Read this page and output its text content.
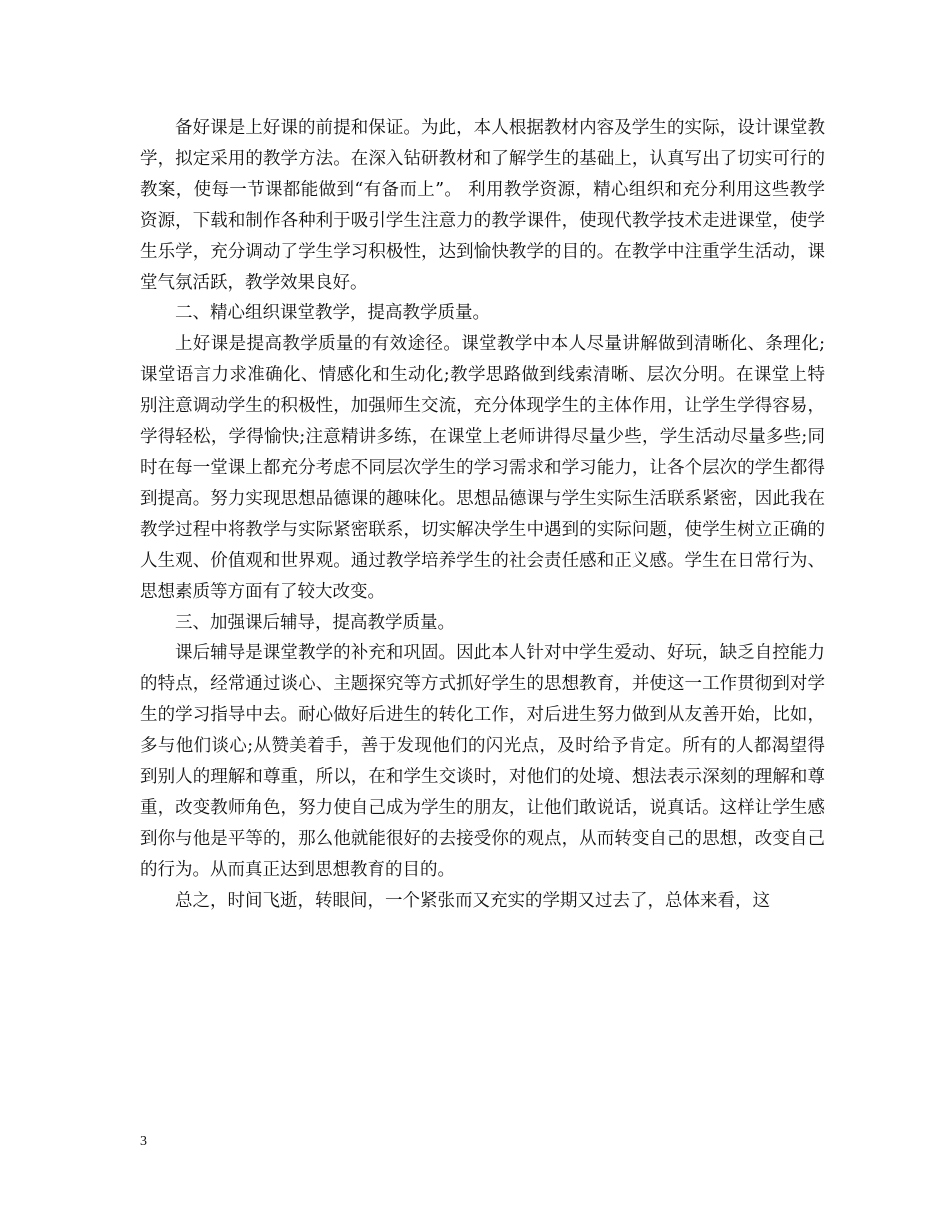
备好课是上好课的前提和保证。为此，本人根据教材内容及学生的实际，设计课堂教学，拟定采用的教学方法。在深入钻研教材和了解学生的基础上，认真写出了切实可行的教案，使每一节课都能做到“有备而上”。 利用教学资源，精心组织和充分利用这些教学资源，下载和制作各种利于吸引学生注意力的教学课件，使现代教学技术走进课堂，使学生乐学，充分调动了学生学习积极性，达到愉快教学的目的。在教学中注重学生活动，课堂气氛活跃，教学效果良好。

二、精心组织课堂教学，提高教学质量。

上好课是提高教学质量的有效途径。课堂教学中本人尽量讲解做到清晰化、条理化;课堂语言力求准确化、情感化和生动化;教学思路做到线索清晰、层次分明。在课堂上特别注意调动学生的积极性，加强师生交流，充分体现学生的主体作用，让学生学得容易，学得轻松，学得愉快;注意精讲多练，在课堂上老师讲得尽量少些，学生活动尽量多些;同时在每一堂课上都充分考虑不同层次学生的学习需求和学习能力，让各个层次的学生都得到提高。努力实现思想品德课的趣味化。思想品德课与学生实际生活联系紧密，因此我在教学过程中将教学与实际紧密联系，切实解决学生中遇到的实际问题，使学生树立正确的人生观、价值观和世界观。通过教学培养学生的社会责任感和正义感。学生在日常行为、思想素质等方面有了较大改变。

三、加强课后辅导，提高教学质量。

课后辅导是课堂教学的补充和巩固。因此本人针对中学生爱动、好玩，缺乏自控能力的特点，经常通过谈心、主题探究等方式抓好学生的思想教育，并使这一工作贯彻到对学生的学习指导中去。耐心做好后进生的转化工作，对后进生努力做到从友善开始，比如，多与他们谈心;从赞美着手，善于发现他们的闪光点，及时给予肯定。所有的人都渴望得到别人的理解和尊重，所以，在和学生交谈时，对他们的处境、想法表示深刻的理解和尊重，改变教师角色，努力使自己成为学生的朋友，让他们敢说话，说真话。这样让学生感到你与他是平等的，那么他就能很好的去接受你的观点，从而转变自己的思想，改变自己的行为。从而真正达到思想教育的目的。

总之，时间飞逝，转眼间，一个紧张而又充实的学期又过去了，总体来看，这

3
